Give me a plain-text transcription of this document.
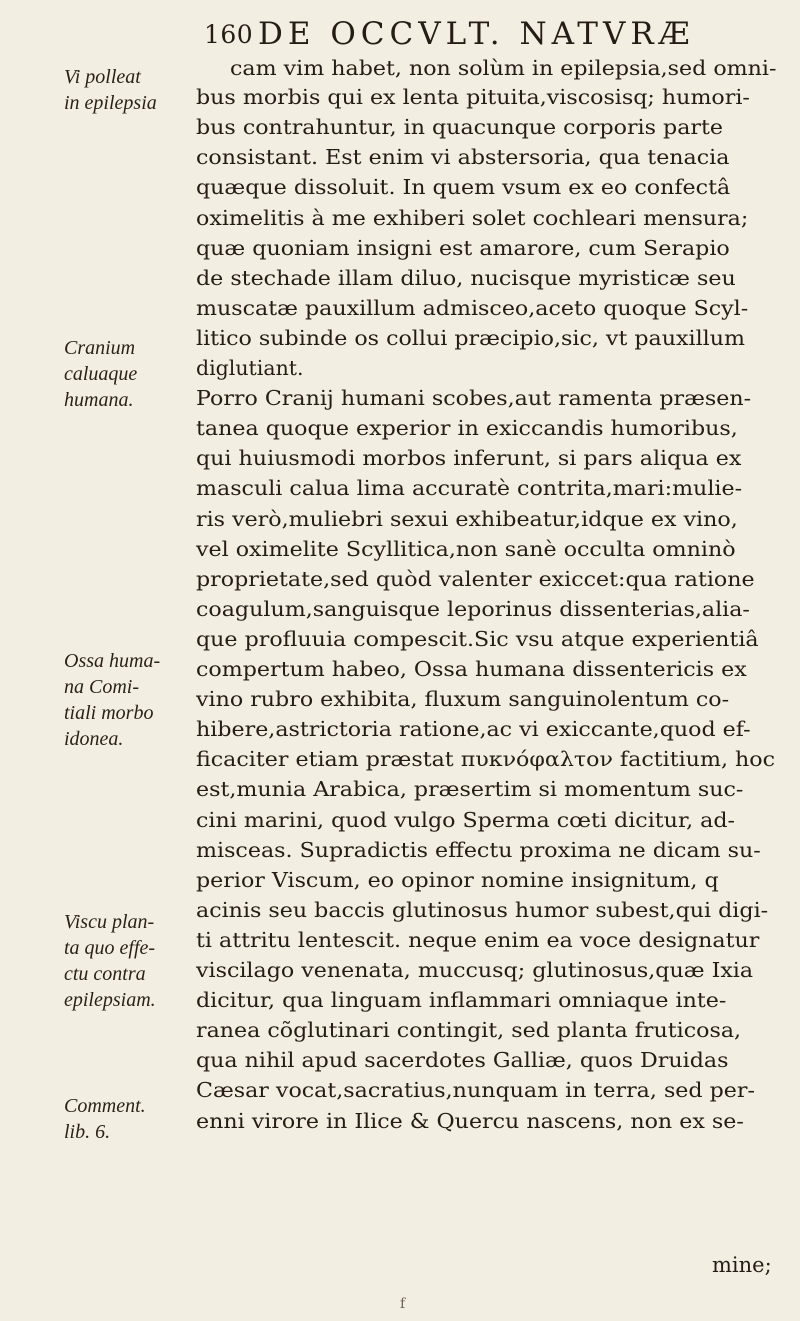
160 DE OCCVLT. NATVRÆ
Vi polleat
in epilepsia
Cranium
caluaque
humana.
Ossa huma-
na Comi-
tiali morbo
idonea.
Viscu plan-
ta quo effe-
ctu contra
epilepsiam.
Comment.
lib. 6.
cam vim habet, non solùm in epilepsia,sed omni-
bus morbis qui ex lenta pituita,viscosisq; humori-
bus contrahuntur, in quacunque corporis parte
consistant. Est enim vi abstersoria, qua tenacia
quæque dissoluit. In quem vsum ex eo confectâ
oximelitis à me exhiberi solet cochleari mensura;
quæ quoniam insigni est amarore, cum Serapio
de stechade illam diluo, nucisque myristicæ seu
muscatæ pauxillum admisceo,aceto quoque Scyl-
litico subinde os collui præcipio,sic, vt pauxillum
diglutiant.
Porro Cranij humani scobes,aut ramenta præsen-
tanea quoque experior in exiccandis humoribus,
qui huiusmodi morbos inferunt, si pars aliqua ex
masculi calua lima accuratè contrita,mari:mulie-
ris verò,muliebri sexui exhibeatur,idque ex vino,
vel oximelite Scyllitica,non sanè occulta omninò
proprietate,sed quòd valenter exiccet:qua ratione
coagulum,sanguisque leporinus dissenterias,alia-
que profluuia compescit.Sic vsu atque experientiâ
compertum habeo, Ossa humana dissentericis ex
vino rubro exhibita, fluxum sanguinolentum co-
hibere,astrictoria ratione,ac vi exiccante,quod ef-
ficaciter etiam præstat πυκνόφαλτον factitium, hoc
est,munia Arabica, præsertim si momentum suc-
cini marini, quod vulgo Sperma cœti dicitur, ad-
misceas. Supradictis effectu proxima ne dicam su-
perior Viscum, eo opinor nomine insignitum, q
acinis seu baccis glutinosus humor subest,qui digi-
ti attritu lentescit. neque enim ea voce designatur
viscilago venenata, muccusq; glutinosus,quæ Ixia
dicitur, qua linguam inflammari omniaque inte-
ranea cõglutinari contingit, sed planta fruticosa,
qua nihil apud sacerdotes Galliæ, quos Druidas
Cæsar vocat,sacratius,nunquam in terra, sed per-
enni virore in Ilice & Quercu nascens, non ex se-
mine;
f
